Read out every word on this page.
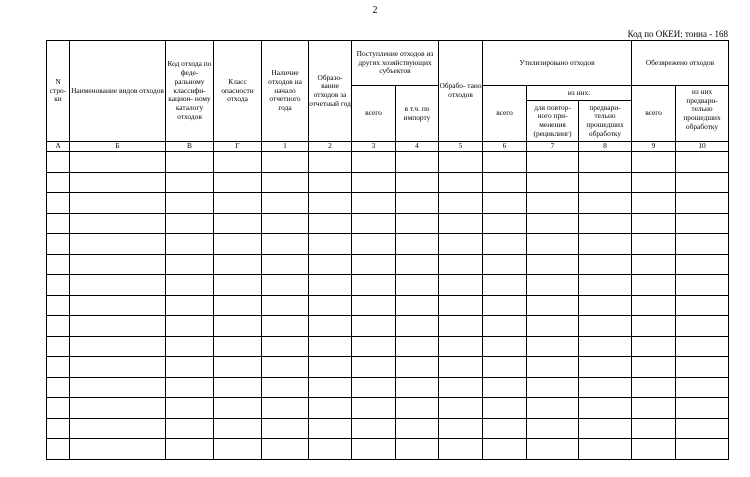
2
Код по ОКЕИ: тонна - 168
N стро- ки	Наименование видов отходов	Код отхода по феде- ральному классифи- кацион- ному каталогу отходов	Класс опасности отхода	Наличие отходов на начало отчетного года	Образо- вание отходов за отчетный год	Поступление отходов из других хозяйствующих субъектов		Обрабо- тано отходов	Утилизировано отходов			Обезврежено отходов	
						всего	в т.ч. по импорту		всего	из них:		всего	из них предвари- тельно прошедших обработку
										для повтор- ного при- менения (рециклинг)	предвари- тельно прошедших обработку		
А	Б	В	Г	1	2	3	4	5	6	7	8	9	10
